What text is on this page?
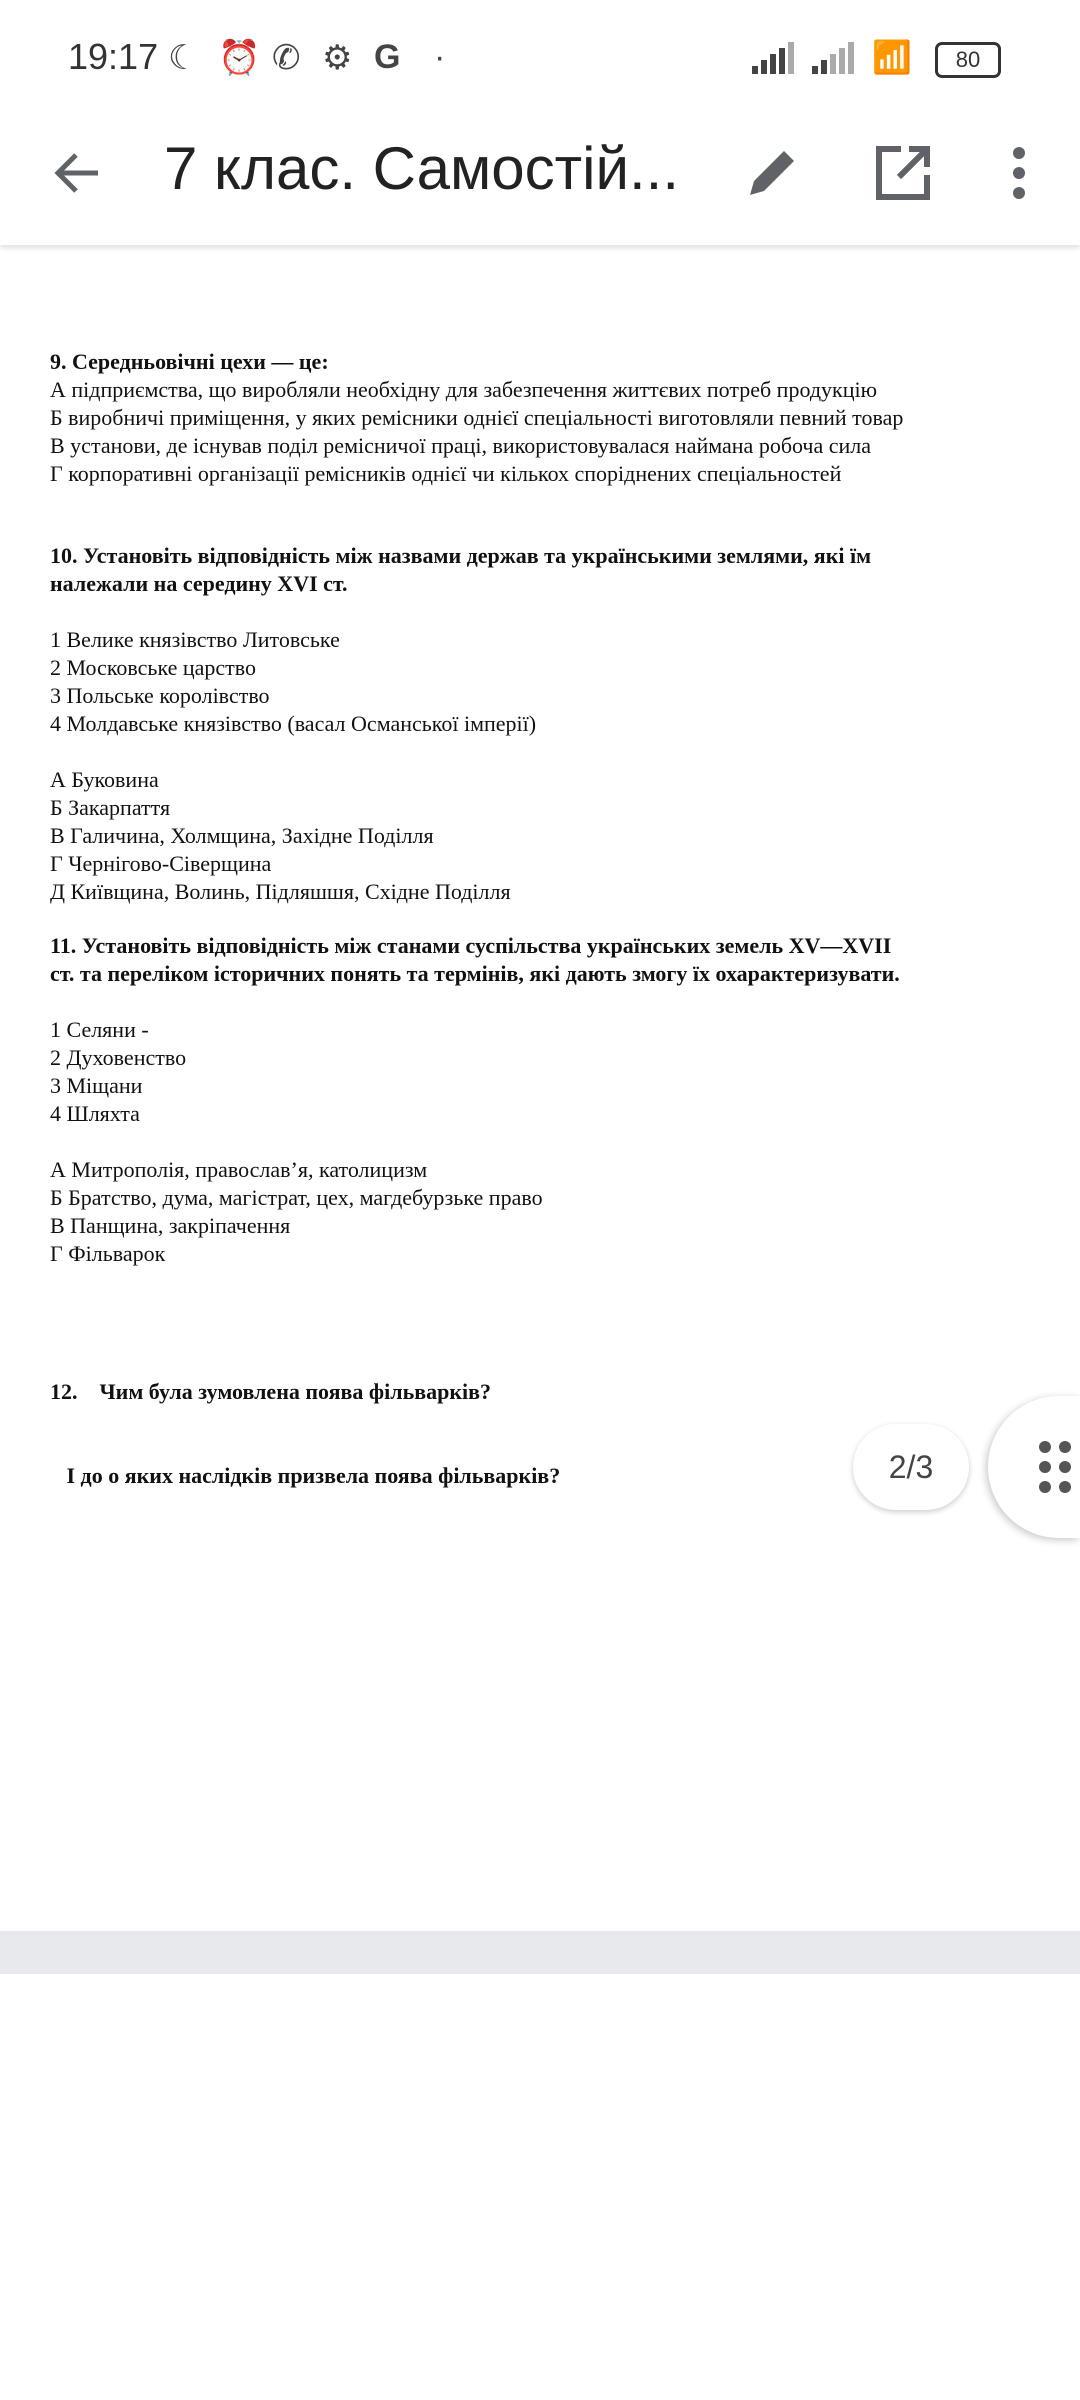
19:17 ☾ ⏰ ✆ ⚙ G ·	📶	80
7 клас. Самостій...
9. Середньовічні цехи — це:
А підприємства, що виробляли необхідну для забезпечення життєвих потреб продукцію
Б виробничі приміщення, у яких ремісники однієї спеціальності виготовляли певний товар
В установи, де існував поділ ремісничої праці, використовувалася наймана робоча сила
Г корпоративні організації ремісників однієї чи кількох споріднених спеціальностей
10. Установіть відповідність між назвами держав та українськими землями, які їм
належали на середину XVI ст.
1 Велике князівство Литовське
2 Московське царство
3 Польське королівство
4 Молдавське князівство (васал Османської імперії)
А Буковина
Б Закарпаття
В Галичина, Холмщина, Західне Поділля
Г Чернігово-Сіверщина
Д Київщина, Волинь, Підляшшя, Східне Поділля
11. Установіть відповідність між станами суспільства українських земель XV—XVII
ст. та переліком історичних понять та термінів, які дають змогу їх охарактеризувати.
1 Селяни -
2 Духовенство
3 Міщани
4 Шляхта
А Митрополія, православ’я, католицизм
Б Братство, дума, магістрат, цех, магдебурзьке право
В Панщина, закріпачення
Г Фільварок

12.    Чим була зумовлена поява фільварків?

І до о яких наслідків призвела поява фільварків?	2/3
